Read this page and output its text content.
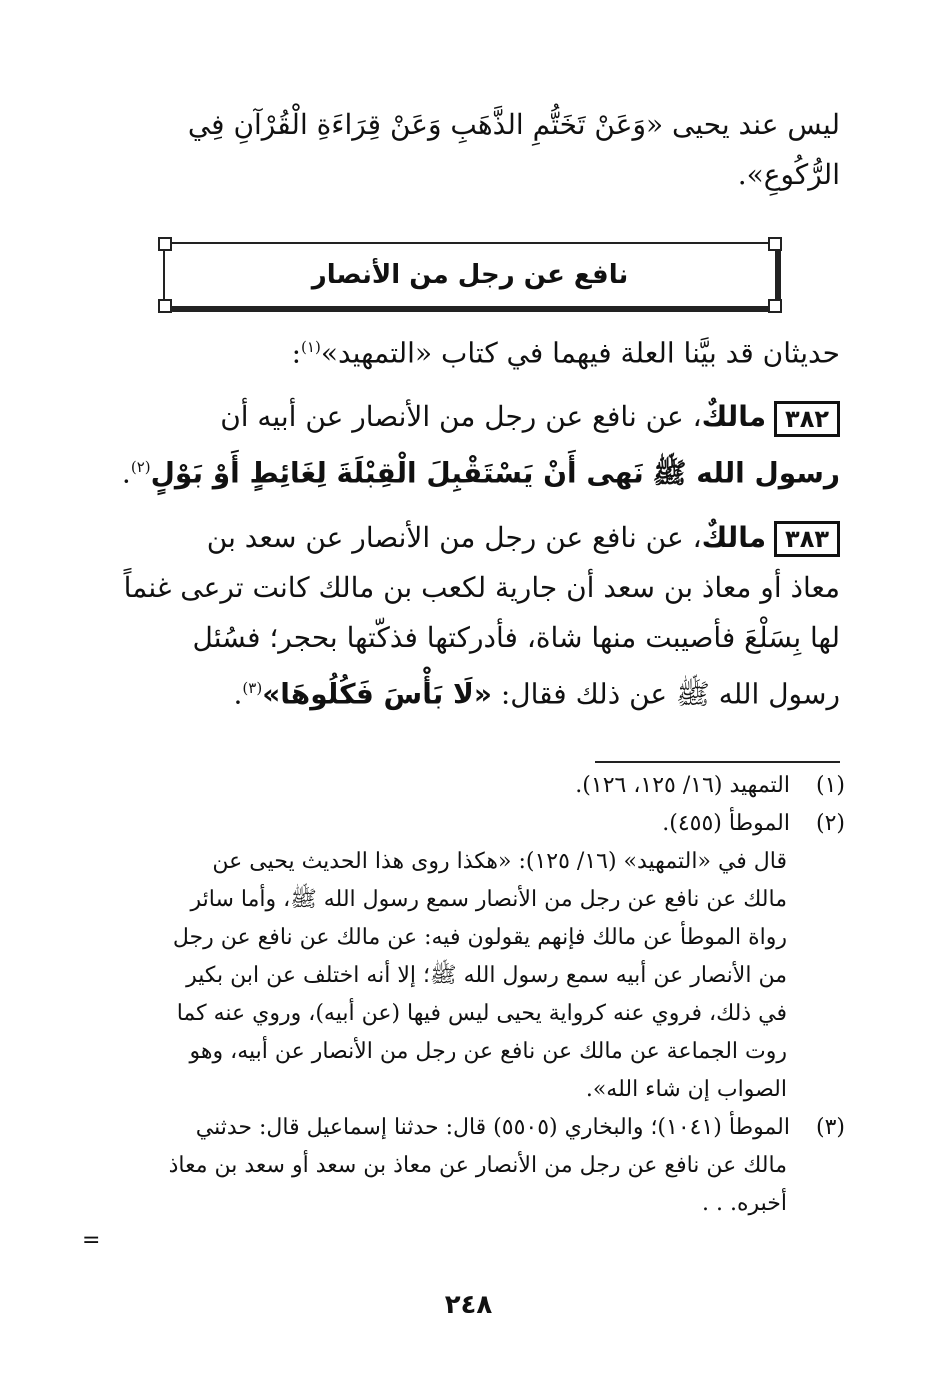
ليس عند يحيى «وَعَنْ تَخَتُّمِ الذَّهَبِ وَعَنْ قِرَاءَةِ الْقُرْآنِ فِي
الرُّكُوعِ».
نافع عن رجل من الأنصار
حديثان قد بيَّنا العلة فيهما في كتاب «التمهيد»$^{(١)}$:
٣٨٢مالكٌ، عن نافع عن رجل من الأنصار عن أبيه أن
رسول الله ﷺ نَهى أَنْ يَسْتَقْبِلَ الْقِبْلَةَ لِغَائِطٍ أَوْ بَوْلٍ$^{(٢)}$.
٣٨٣مالكٌ، عن نافع عن رجل من الأنصار عن سعد بن
معاذ أو معاذ بن سعد أن جارية لكعب بن مالك كانت ترعى غنماً
لها بِسَلْعَ فأصيبت منها شاة، فأدركتها فذكّتها بحجر؛ فسُئل
رسول الله ﷺ عن ذلك فقال: «لَا بَأْسَ فَكُلُوهَا»$^{(٣)}$.
(١) التمهيد (١٦/ ١٢٥، ١٢٦).
(٢) الموطأ (٤٥٥).
قال في «التمهيد» (١٦/ ١٢٥): «هكذا روى هذا الحديث يحيى عن
مالك عن نافع عن رجل من الأنصار سمع رسول الله ﷺ، وأما سائر
رواة الموطأ عن مالك فإنهم يقولون فيه: عن مالك عن نافع عن رجل
من الأنصار عن أبيه سمع رسول الله ﷺ؛ إلا أنه اختلف عن ابن بكير
في ذلك، فروي عنه كرواية يحيى ليس فيها (عن أبيه)، وروي عنه كما
روت الجماعة عن مالك عن نافع عن رجل من الأنصار عن أبيه، وهو
الصواب إن شاء الله».
(٣) الموطأ (١٠٤١)؛ والبخاري (٥٥٠٥) قال: حدثنا إسماعيل قال: حدثني
مالك عن نافع عن رجل من الأنصار عن معاذ بن سعد أو سعد بن معاذ
أخبره. . .
=
٢٤٨
